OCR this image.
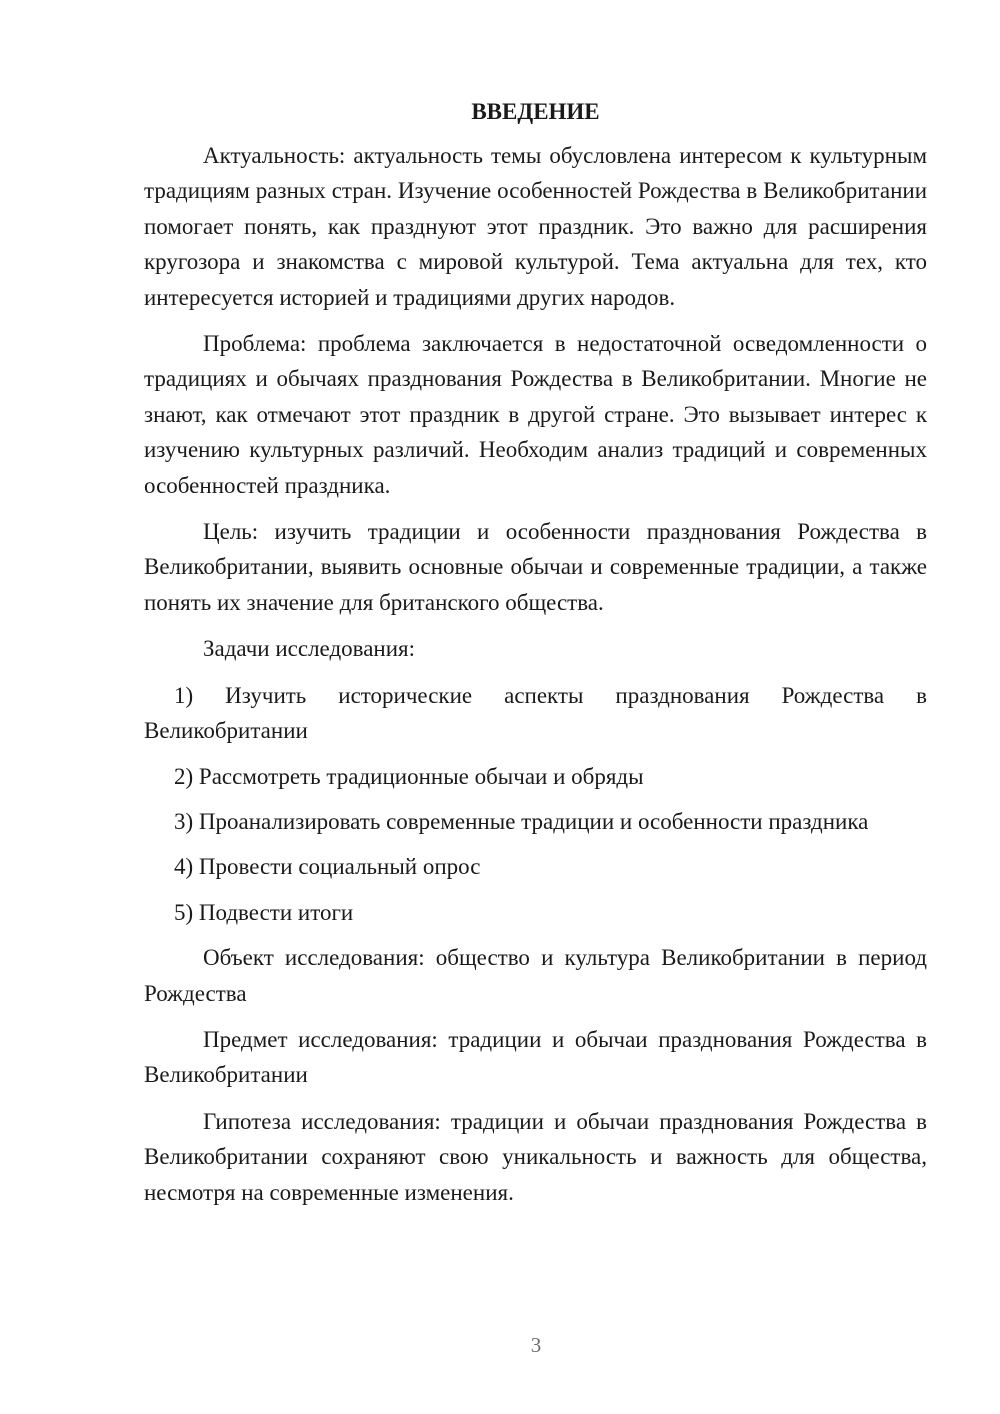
ВВЕДЕНИЕ

Актуальность: актуальность темы обусловлена интересом к культурным традициям разных стран. Изучение особенностей Рождества в Великобритании помогает понять, как празднуют этот праздник. Это важно для расширения кругозора и знакомства с мировой культурой. Тема актуальна для тех, кто интересуется историей и традициями других народов.

Проблема: проблема заключается в недостаточной осведомленности о традициях и обычаях празднования Рождества в Великобритании. Многие не знают, как отмечают этот праздник в другой стране. Это вызывает интерес к изучению культурных различий. Необходим анализ традиций и современных особенностей праздника.

Цель: изучить традиции и особенности празднования Рождества в Великобритании, выявить основные обычаи и современные традиции, а также понять их значение для британского общества.

Задачи исследования:

1) Изучить исторические аспекты празднования Рождества в Великобритании

2) Рассмотреть традиционные обычаи и обряды

3) Проанализировать современные традиции и особенности праздника

4) Провести социальный опрос

5) Подвести итоги

Объект исследования: общество и культура Великобритании в период Рождества

Предмет исследования: традиции и обычаи празднования Рождества в Великобритании

Гипотеза исследования: традиции и обычаи празднования Рождества в Великобритании сохраняют свою уникальность и важность для общества, несмотря на современные изменения.

3
